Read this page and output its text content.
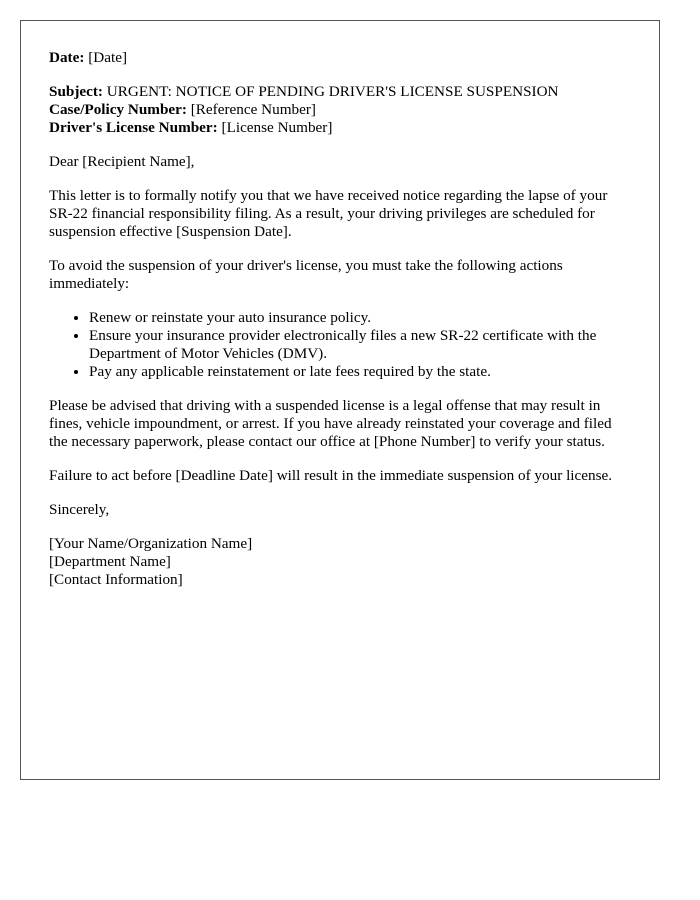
Date: [Date]

Subject: URGENT: NOTICE OF PENDING DRIVER'S LICENSE SUSPENSION
Case/Policy Number: [Reference Number]
Driver's License Number: [License Number]

Dear [Recipient Name],

This letter is to formally notify you that we have received notice regarding the lapse of your SR-22 financial responsibility filing. As a result, your driving privileges are scheduled for suspension effective [Suspension Date].

To avoid the suspension of your driver's license, you must take the following actions immediately:

• Renew or reinstate your auto insurance policy.
• Ensure your insurance provider electronically files a new SR-22 certificate with the Department of Motor Vehicles (DMV).
• Pay any applicable reinstatement or late fees required by the state.

Please be advised that driving with a suspended license is a legal offense that may result in fines, vehicle impoundment, or arrest. If you have already reinstated your coverage and filed the necessary paperwork, please contact our office at [Phone Number] to verify your status.

Failure to act before [Deadline Date] will result in the immediate suspension of your license.

Sincerely,

[Your Name/Organization Name]
[Department Name]
[Contact Information]
